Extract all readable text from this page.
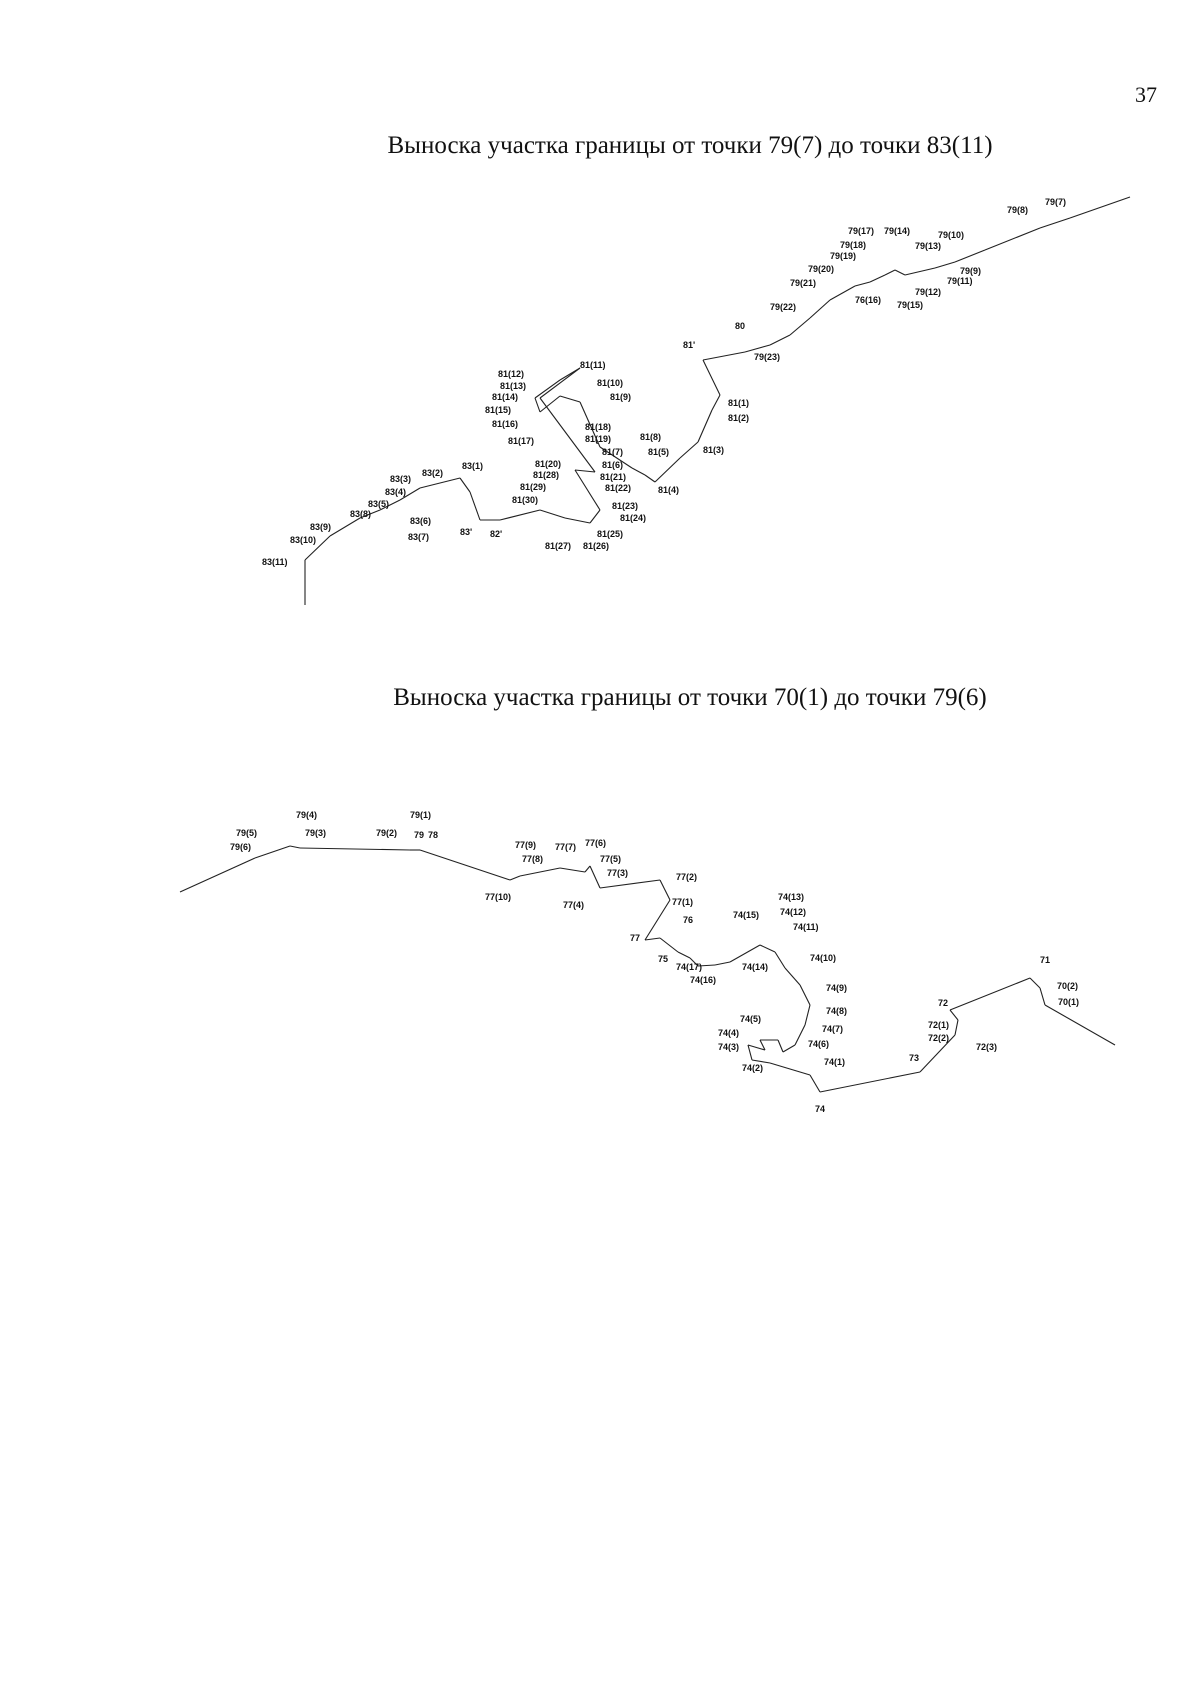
37
Выноска участка границы от точки 79(7) до точки 83(11)
Выноска участка границы от точки 70(1) до точки 79(6)
79(8)
79(7)
79(17) 79(14)	79(10)
79(18)	79(13)
79(19)
79(20)	79(9)
79(11)
79(21)
79(12)
76(16) 79(15)
79(22)
80
81'
79(23)
81(11)
81(12)
81(10)
81(13)
81(9)
81(14)
81(1)
81(15)
81(2)
81(16)	81(18)
81(19)
81(17)	81(8)
81(7)	81(5)	81(3)
81(20)	81(6)
83(1)
81(28)	81(21)
83(2)
83(3)
81(29)	81(22)	81(4)
83(4)
81(30)
81(23)
83(5)
81(24)
83(8)
83(6)
83' 82'	81(25)
83(9)
83(7)
83(10)
81(27) 81(26)
83(11)
79(4)	79(1)
79(5)	79(3)	79(2) 79 78
79(6)	77(9) 77(7) 77(6)
77(8)	77(5)
77(3)	77(2)
77(10)
77(4)	77(1)	74(13)
76	74(15) 74(12)
77
74(11)
75
74(17)
74(10)
74(14)
74(16)
71
74(9)	70(2)
72
74(8)
70(1)
74(5)
72(1)
74(7)
74(4)	72(2)
74(6)	72(3)
74(3)
73
74(1)
74(2)
74
